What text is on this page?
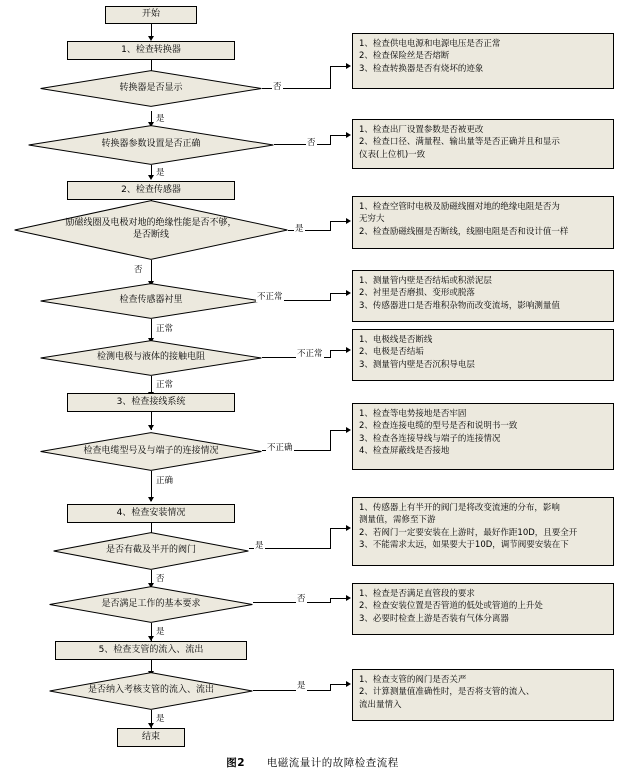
开始
1、检查转换器
转换器是否显示
转换器参数设置是否正确
2、检查传感器
励磁线圈及电极对地的绝缘性能是否不够，是否断线
检查传感器衬里
检测电极与液体的接触电阻
3、检查接线系统
检查电缆型号及与端子的连接情况
4、检查安装情况
是否有截及半开的阀门
是否满足工作的基本要求
5、检查支管的流入、流出
是否纳入考核支管的流入、流出
结束
否
是
否
是
是
否
不正常
正常
不正常
正常
不正确
正确
是
否
否
是
是
是
1、检查供电电源和电源电压是否正常
2、检查保险丝是否熔断
3、检查转换器是否有烧坏的迹象
1、检查出厂设置参数是否被更改
2、检查口径、满量程、输出量等是否正确并且和显示
仪表(上位机)一致
1、检查空管时电极及励磁线圈对地的绝缘电阻是否为
无穷大
2、检查励磁线圈是否断线，线圈电阻是否和设计值一样
1、测量管内壁是否结垢或积淤泥层
2、衬里是否磨损、变形或脱落
3、传感器进口是否堆积杂物而改变流场，影响测量值
1、电极线是否断线
2、电极是否结垢
3、测量管内壁是否沉积导电层
1、检查等电势接地是否牢固
2、检查连接电缆的型号是否和说明书一致
3、检查各连接导线与端子的连接情况
4、检查屏蔽线是否接地
1、传感器上有半开的阀门是将改变流速的分布，影响
测量值，需修至下游
2、若阀门一定要安装在上游时，最好作距10D，且要全开
3、不能需求太远，如果要大于10D，调节阀要安装在下
1、检查是否满足直管段的要求
2、检查安装位置是否管道的低处或管道的上升处
3、必要时检查上游是否装有气体分离器
1、检查支管的阀门是否关严
2、计算测量值准确性时，是否将支管的流入、
流出量情入
图2 电磁流量计的故障检查流程
